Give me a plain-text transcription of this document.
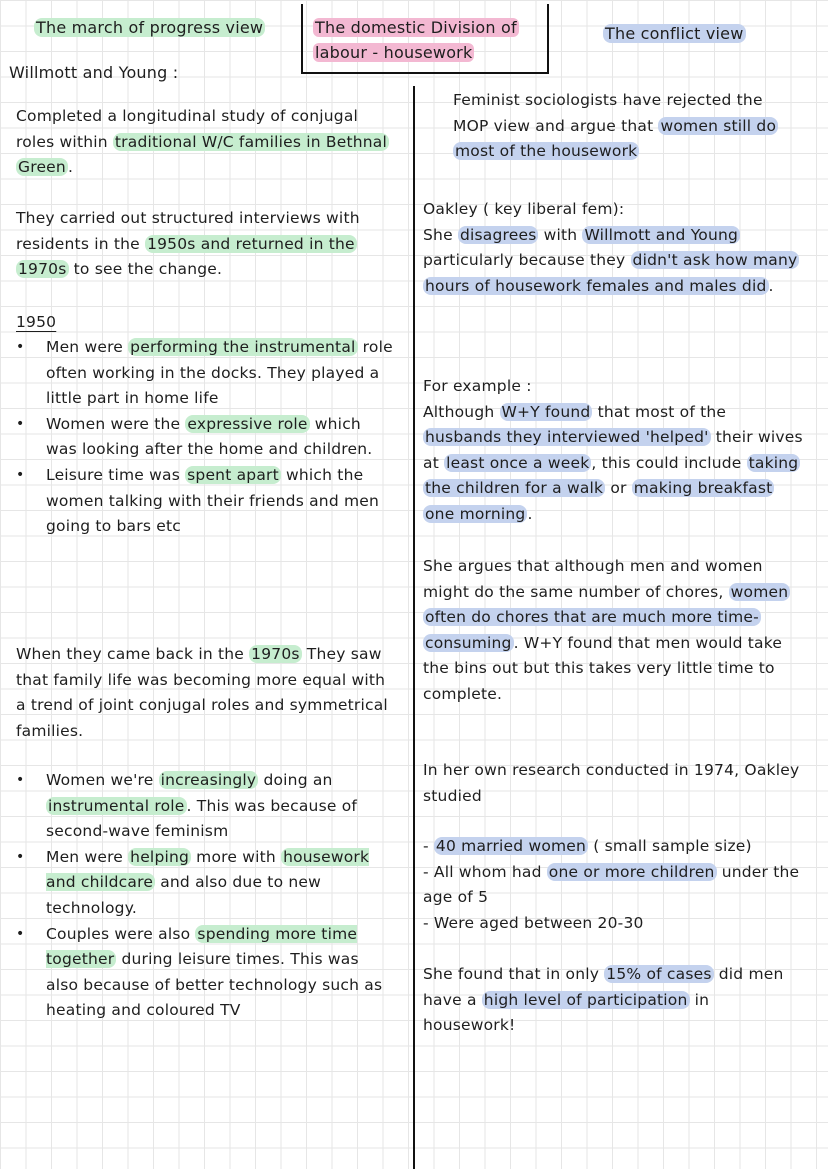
The march of progress view	The domestic Division of
labour - housework
The conflict view
Willmott and Young :
Completed a longitudinal study of conjugal roles within traditional W/C families in Bethnal Green .
They carried out structured interviews with residents in the 1950s and returned in the 1970s to see the change.
1950
• Men were performing the instrumental role often working in the docks. They played a little part in home life
• Women were the expressive role which was looking after the home and children.
• Leisure time was spent apart which the women talking with their friends and men going to bars etc
When they came back in the 1970s They saw that family life was becoming more equal with a trend of joint conjugal roles and symmetrical families.
• Women we're increasingly doing an instrumental role . This was because of second-wave feminism
• Men were helping more with housework and childcare and also due to new technology.
• Couples were also spending more time together during leisure times. This was also because of better technology such as heating and coloured TV
Feminist sociologists have rejected the MOP view and argue that women still do most of the housework
Oakley ( key liberal fem):
She disagrees with Willmott and Young particularly because they didn't ask how many hours of housework females and males did .
For example :
Although W+Y found that most of the husbands they interviewed 'helped' their wives at least once a week , this could include taking the children for a walk or making breakfast one morning .
She argues that although men and women might do the same number of chores, women often do chores that are much more time-consuming . W+Y found that men would take the bins out but this takes very little time to complete.
In her own research conducted in 1974, Oakley studied
- 40 married women ( small sample size)
- All whom had one or more children under the age of 5
- Were aged between 20-30
She found that in only 15% of cases did men have a high level of participation in housework!
